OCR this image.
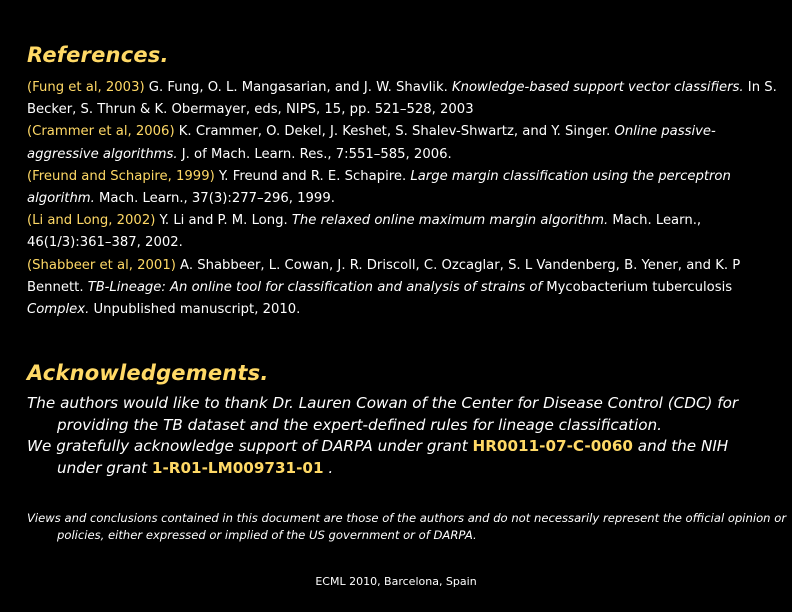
References.

(Fung et al, 2003) G. Fung, O. L. Mangasarian, and J. W. Shavlik. Knowledge-based support vector classifiers. In S. Becker, S. Thrun & K. Obermayer, eds, NIPS, 15, pp. 521–528, 2003

(Crammer et al, 2006) K. Crammer, O. Dekel, J. Keshet, S. Shalev-Shwartz, and Y. Singer. Online passive-aggressive algorithms. J. of Mach. Learn. Res., 7:551–585, 2006.

(Freund and Schapire, 1999) Y. Freund and R. E. Schapire. Large margin classification using the perceptron algorithm. Mach. Learn., 37(3):277–296, 1999.

(Li and Long, 2002) Y. Li and P. M. Long. The relaxed online maximum margin algorithm. Mach. Learn., 46(1/3):361–387, 2002.

(Shabbeer et al, 2001) A. Shabbeer, L. Cowan, J. R. Driscoll, C. Ozcaglar, S. L Vandenberg, B. Yener, and K. P Bennett. TB-Lineage: An online tool for classification and analysis of strains of Mycobacterium tuberculosis Complex. Unpublished manuscript, 2010.

Acknowledgements.

The authors would like to thank Dr. Lauren Cowan of the Center for Disease Control (CDC) for providing the TB dataset and the expert-defined rules for lineage classification.

We gratefully acknowledge support of DARPA under grant HR0011-07-C-0060 and the NIH under grant 1-R01-LM009731-01 .

Views and conclusions contained in this document are those of the authors and do not necessarily represent the official opinion or policies, either expressed or implied of the US government or of DARPA.

ECML 2010, Barcelona, Spain
